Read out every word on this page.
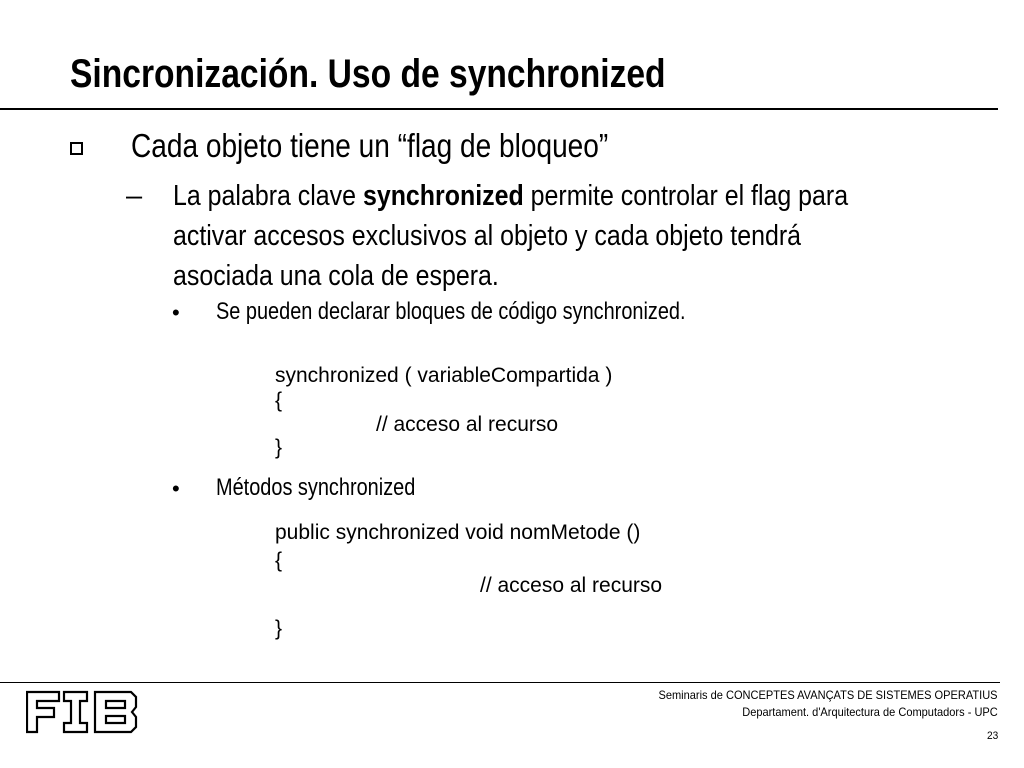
Sincronización. Uso de synchronized
Cada objeto tiene un “flag de bloqueo”
– La palabra clave synchronized permite controlar el flag para
activar accesos exclusivos al objeto y cada objeto tendrá
asociada una cola de espera.
• Se pueden declarar bloques de código synchronized.
synchronized ( variableCompartida )
{
// acceso al recurso
}
• Métodos synchronized
public synchronized void nomMetode ()
{
// acceso al recurso
}
Seminaris de CONCEPTES AVANÇATS DE SISTEMES OPERATIUS
Departament. d'Arquitectura de Computadors - UPC
23
